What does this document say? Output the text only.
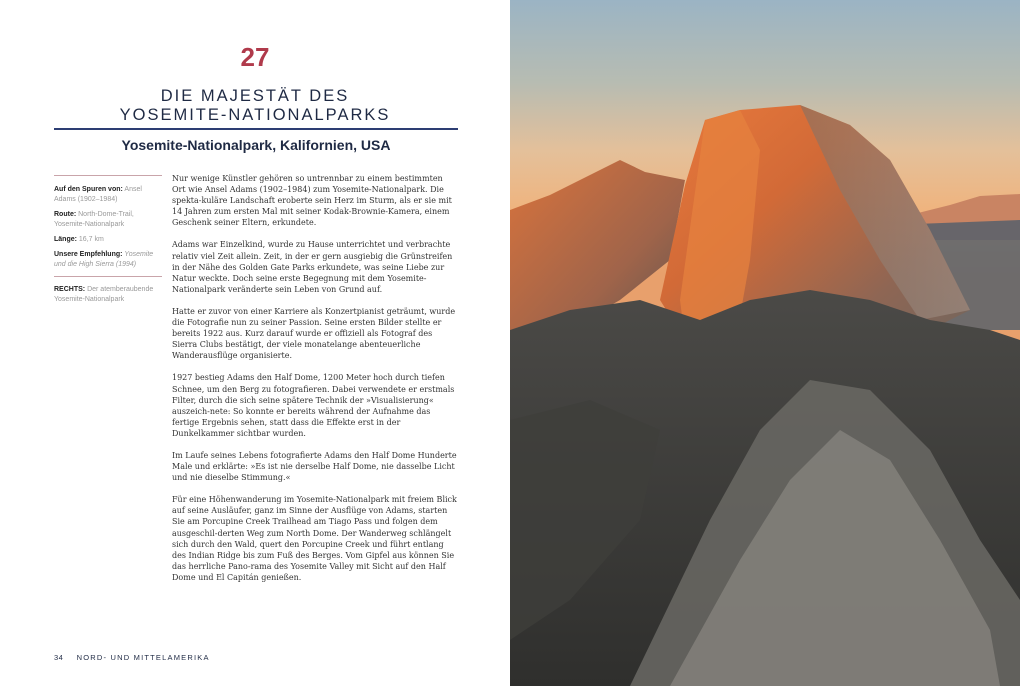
27
DIE MAJESTÄT DES
YOSEMITE-NATIONALPARKS
Yosemite-Nationalpark, Kalifornien, USA
Auf den Spuren von: Ansel Adams (1902–1984)
Route: North-Dome-Trail, Yosemite-Nationalpark
Länge: 16,7 km
Unsere Empfehlung: Yosemite und die High Sierra (1994)
RECHTS: Der atemberaubende Yosemite-Nationalpark

Nur wenige Künstler gehören so untrennbar zu einem bestimmten Ort wie Ansel Adams (1902–1984) zum Yosemite-Nationalpark. Die spekta-kuläre Landschaft eroberte sein Herz im Sturm, als er sie mit 14 Jahren zum ersten Mal mit seiner Kodak-Brownie-Kamera, einem Geschenk seiner Eltern, erkundete.

Adams war Einzelkind, wurde zu Hause unterrichtet und verbrachte relativ viel Zeit allein. Zeit, in der er gern ausgiebig die Grünstreifen in der Nähe des Golden Gate Parks erkundete, was seine Liebe zur Natur weckte. Doch seine erste Begegnung mit dem Yosemite-Nationalpark veränderte sein Leben von Grund auf.

Hatte er zuvor von einer Karriere als Konzertpianist geträumt, wurde die Fotografie nun zu seiner Passion. Seine ersten Bilder stellte er bereits 1922 aus. Kurz darauf wurde er offiziell als Fotograf des Sierra Clubs bestätigt, der viele monatelange abenteuerliche Wanderausflüge organisierte.

1927 bestieg Adams den Half Dome, 1200 Meter hoch durch tiefen Schnee, um den Berg zu fotografieren. Dabei verwendete er erstmals Filter, durch die sich seine spätere Technik der »Visualisierung« auszeich-nete: So konnte er bereits während der Aufnahme das fertige Ergebnis sehen, statt dass die Effekte erst in der Dunkelkammer sichtbar wurden.

Im Laufe seines Lebens fotografierte Adams den Half Dome Hunderte Male und erklärte: »Es ist nie derselbe Half Dome, nie dasselbe Licht und nie dieselbe Stimmung.«

Für eine Höhenwanderung im Yosemite-Nationalpark mit freiem Blick auf seine Ausläufer, ganz im Sinne der Ausflüge von Adams, starten Sie am Porcupine Creek Trailhead am Tiago Pass und folgen dem ausgeschil-derten Weg zum North Dome. Der Wanderweg schlängelt sich durch den Wald, quert den Porcupine Creek und führt entlang des Indian Ridge bis zum Fuß des Berges. Vom Gipfel aus können Sie das herrliche Pano-rama des Yosemite Valley mit Sicht auf den Half Dome und El Capitán genießen.

34 NORD- UND MITTELAMERIKA
